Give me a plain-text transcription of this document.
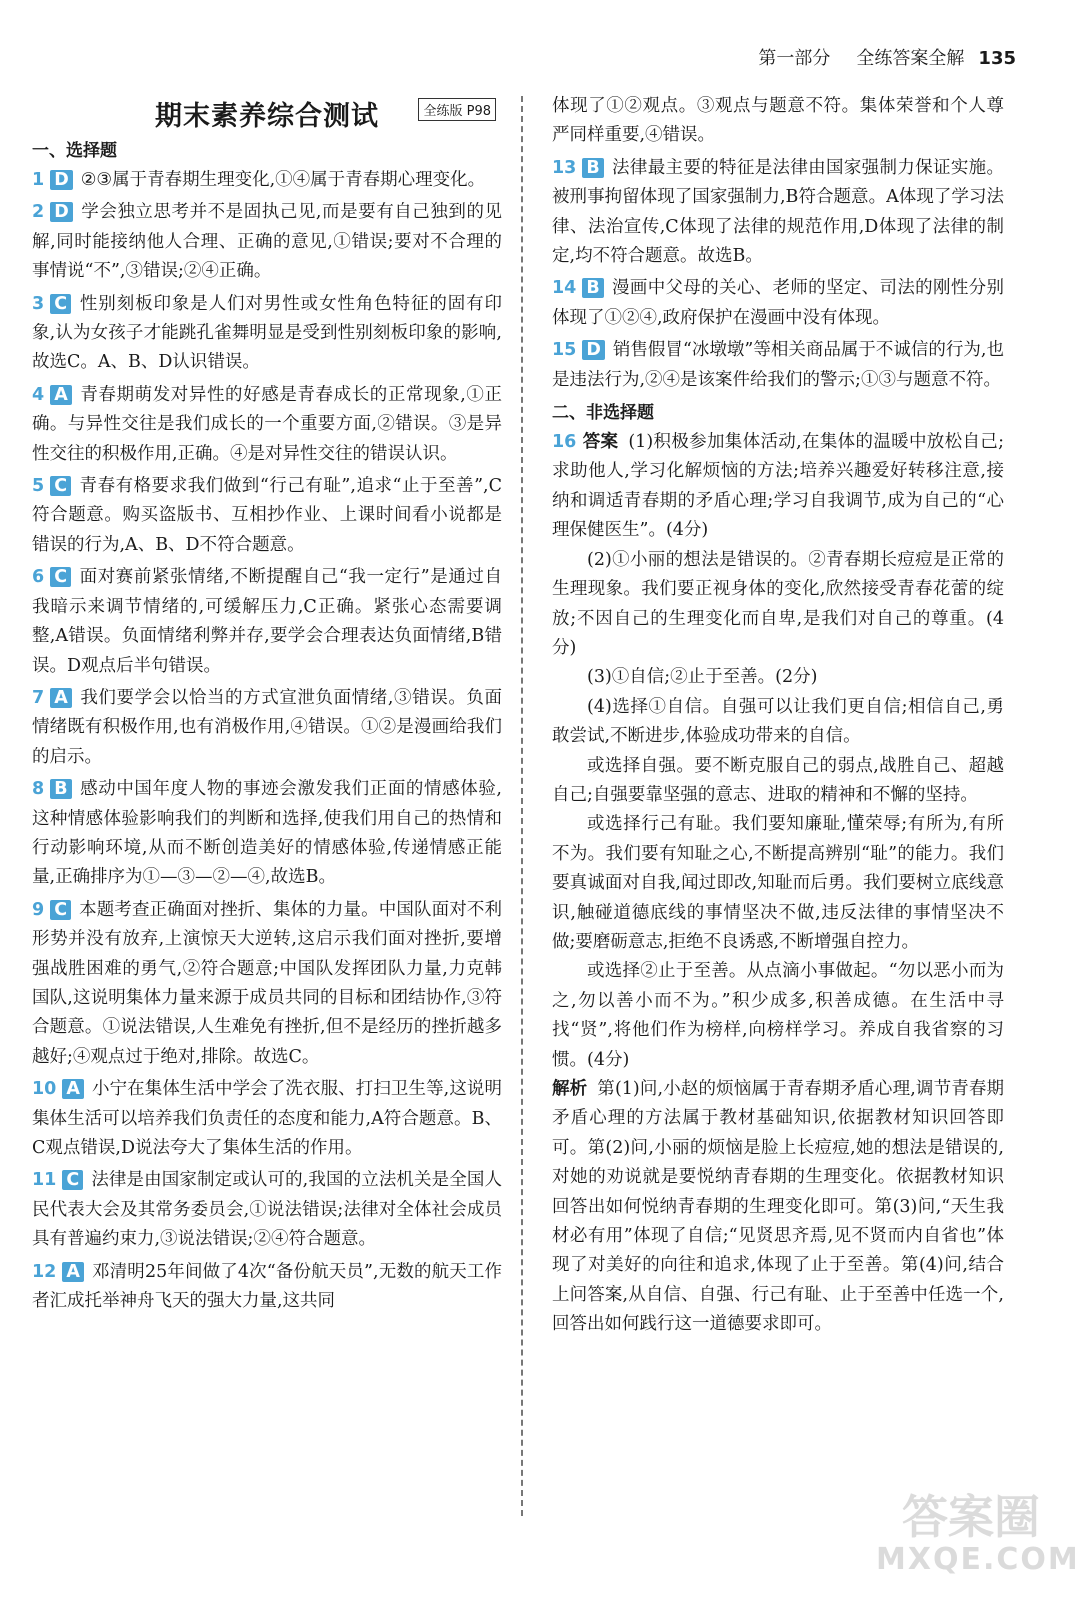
第一部分 全练答案全解 135
期末素养综合测试	全练版 P98
一、选择题
1 D ②③属于青春期生理变化,①④属于青春期心理变化。
2 D 学会独立思考并不是固执己见,而是要有自己独到的见解,同时能接纳他人合理、正确的意见,①错误;要对不合理的事情说“不”,③错误;②④正确。
3 C 性别刻板印象是人们对男性或女性角色特征的固有印象,认为女孩子才能跳孔雀舞明显是受到性别刻板印象的影响,故选C。A、B、D认识错误。
4 A 青春期萌发对异性的好感是青春成长的正常现象,①正确。与异性交往是我们成长的一个重要方面,②错误。③是异性交往的积极作用,正确。④是对异性交往的错误认识。
5 C 青春有格要求我们做到“行己有耻”,追求“止于至善”,C符合题意。购买盗版书、互相抄作业、上课时间看小说都是错误的行为,A、B、D不符合题意。
6 C 面对赛前紧张情绪,不断提醒自己“我一定行”是通过自我暗示来调节情绪的,可缓解压力,C正确。紧张心态需要调整,A错误。负面情绪利弊并存,要学会合理表达负面情绪,B错误。D观点后半句错误。
7 A 我们要学会以恰当的方式宣泄负面情绪,③错误。负面情绪既有积极作用,也有消极作用,④错误。①②是漫画给我们的启示。
8 B 感动中国年度人物的事迹会激发我们正面的情感体验,这种情感体验影响我们的判断和选择,使我们用自己的热情和行动影响环境,从而不断创造美好的情感体验,传递情感正能量,正确排序为①—③—②—④,故选B。
9 C 本题考查正确面对挫折、集体的力量。中国队面对不利形势并没有放弃,上演惊天大逆转,这启示我们面对挫折,要增强战胜困难的勇气,②符合题意;中国队发挥团队力量,力克韩国队,这说明集体力量来源于成员共同的目标和团结协作,③符合题意。①说法错误,人生难免有挫折,但不是经历的挫折越多越好;④观点过于绝对,排除。故选C。
10 A 小宁在集体生活中学会了洗衣服、打扫卫生等,这说明集体生活可以培养我们负责任的态度和能力,A符合题意。B、C观点错误,D说法夸大了集体生活的作用。
11 C 法律是由国家制定或认可的,我国的立法机关是全国人民代表大会及其常务委员会,①说法错误;法律对全体社会成员具有普遍约束力,③说法错误;②④符合题意。
12 A 邓清明25年间做了4次“备份航天员”,无数的航天工作者汇成托举神舟飞天的强大力量,这共同
体现了①②观点。③观点与题意不符。集体荣誉和个人尊严同样重要,④错误。
13 B 法律最主要的特征是法律由国家强制力保证实施。被刑事拘留体现了国家强制力,B符合题意。A体现了学习法律、法治宣传,C体现了法律的规范作用,D体现了法律的制定,均不符合题意。故选B。
14 B 漫画中父母的关心、老师的坚定、司法的刚性分别体现了①②④,政府保护在漫画中没有体现。
15 D 销售假冒“冰墩墩”等相关商品属于不诚信的行为,也是违法行为,②④是该案件给我们的警示;①③与题意不符。
二、非选择题
16 答案 (1)积极参加集体活动,在集体的温暖中放松自己;求助他人,学习化解烦恼的方法;培养兴趣爱好转移注意,接纳和调适青春期的矛盾心理;学习自我调节,成为自己的“心理保健医生”。(4分)
(2)①小丽的想法是错误的。②青春期长痘痘是正常的生理现象。我们要正视身体的变化,欣然接受青春花蕾的绽放;不因自己的生理变化而自卑,是我们对自己的尊重。(4分)
(3)①自信;②止于至善。(2分)
(4)选择①自信。自强可以让我们更自信;相信自己,勇敢尝试,不断进步,体验成功带来的自信。
或选择自强。要不断克服自己的弱点,战胜自己、超越自己;自强要靠坚强的意志、进取的精神和不懈的坚持。
或选择行己有耻。我们要知廉耻,懂荣辱;有所为,有所不为。我们要有知耻之心,不断提高辨别“耻”的能力。我们要真诚面对自我,闻过即改,知耻而后勇。我们要树立底线意识,触碰道德底线的事情坚决不做,违反法律的事情坚决不做;要磨砺意志,拒绝不良诱惑,不断增强自控力。
或选择②止于至善。从点滴小事做起。“勿以恶小而为之,勿以善小而不为。”积少成多,积善成德。在生活中寻找“贤”,将他们作为榜样,向榜样学习。养成自我省察的习惯。(4分)
解析 第(1)问,小赵的烦恼属于青春期矛盾心理,调节青春期矛盾心理的方法属于教材基础知识,依据教材知识回答即可。第(2)问,小丽的烦恼是脸上长痘痘,她的想法是错误的,对她的劝说就是要悦纳青春期的生理变化。依据教材知识回答出如何悦纳青春期的生理变化即可。第(3)问,“天生我材必有用”体现了自信;“见贤思齐焉,见不贤而内自省也”体现了对美好的向往和追求,体现了止于至善。第(4)问,结合上问答案,从自信、自强、行己有耻、止于至善中任选一个,回答出如何践行这一道德要求即可。
答案圈
MXQE.COM
